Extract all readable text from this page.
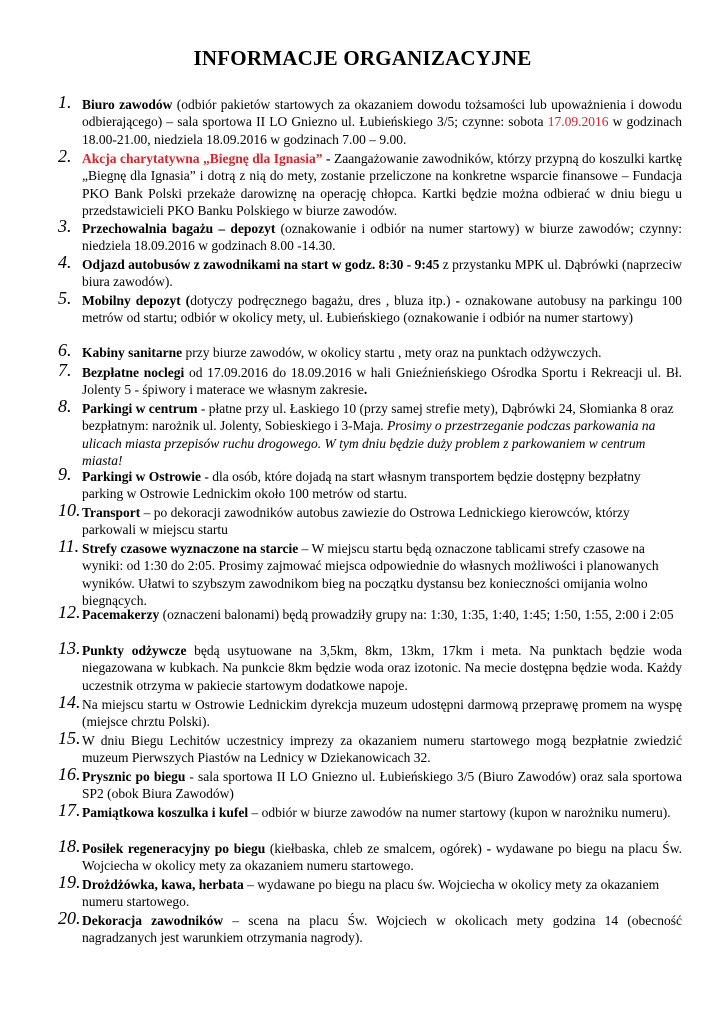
INFORMACJE ORGANIZACYJNE
1. Biuro zawodów (odbiór pakietów startowych za okazaniem dowodu tożsamości lub upoważnienia i dowodu odbierającego) – sala sportowa II LO Gniezno ul. Łubieńskiego 3/5; czynne: sobota 17.09.2016 w godzinach 18.00-21.00, niedziela 18.09.2016 w godzinach 7.00 – 9.00.
2. Akcja charytatywna „Biegnę dla Ignasia” - Zaangażowanie zawodników, którzy przypną do koszulki kartkę „Biegnę dla Ignasia” i dotrą z nią do mety, zostanie przeliczone na konkretne wsparcie finansowe – Fundacja PKO Bank Polski przekaże darowiznę na operację chłopca. Kartki będzie można odbierać w dniu biegu u przedstawicieli PKO Banku Polskiego w biurze zawodów.
3. Przechowalnia bagażu – depozyt (oznakowanie i odbiór na numer startowy) w biurze zawodów; czynny: niedziela 18.09.2016 w godzinach 8.00 -14.30.
4. Odjazd autobusów z zawodnikami na start w godz. 8:30 - 9:45 z przystanku MPK ul. Dąbrówki (naprzeciw biura zawodów).
5. Mobilny depozyt (dotyczy podręcznego bagażu, dres , bluza itp.) - oznakowane autobusy na parkingu 100 metrów od startu; odbiór w okolicy mety, ul. Łubieńskiego (oznakowanie i odbiór na numer startowy)
6. Kabiny sanitarne przy biurze zawodów, w okolicy startu , mety oraz na punktach odżywczych.
7. Bezpłatne noclegi od 17.09.2016 do 18.09.2016 w hali Gnieźnieńskiego Ośrodka Sportu i Rekreacji ul. Bł. Jolenty 5 - śpiwory i materace we własnym zakresie.
8. Parkingi w centrum - płatne przy ul. Łaskiego 10 (przy samej strefie mety), Dąbrówki 24, Słomianka 8 oraz bezpłatnym: narożnik ul. Jolenty, Sobieskiego i 3-Maja. Prosimy o przestrzeganie podczas parkowania na ulicach miasta przepisów ruchu drogowego. W tym dniu będzie duży problem z parkowaniem w centrum miasta!
9. Parkingi w Ostrowie - dla osób, które dojadą na start własnym transportem będzie dostępny bezpłatny parking w Ostrowie Lednickim około 100 metrów od startu.
10. Transport – po dekoracji zawodników autobus zawiezie do Ostrowa Lednickiego kierowców, którzy parkowali w miejscu startu
11. Strefy czasowe wyznaczone na starcie – W miejscu startu będą oznaczone tablicami strefy czasowe na wyniki: od 1:30 do 2:05. Prosimy zajmować miejsca odpowiednie do własnych możliwości i planowanych wyników. Ułatwi to szybszym zawodnikom bieg na początku dystansu bez konieczności omijania wolno biegnących.
12. Pacemakerzy (oznaczeni balonami) będą prowadziły grupy na: 1:30, 1:35, 1:40, 1:45; 1:50, 1:55, 2:00 i 2:05
13. Punkty odżywcze będą usytuowane na 3,5km, 8km, 13km, 17km i meta. Na punktach będzie woda niegazowana w kubkach. Na punkcie 8km będzie woda oraz izotonic. Na mecie dostępna będzie woda. Każdy uczestnik otrzyma w pakiecie startowym dodatkowe napoje.
14. Na miejscu startu w Ostrowie Lednickim dyrekcja muzeum udostępni darmową przeprawę promem na wyspę (miejsce chrztu Polski).
15. W dniu Biegu Lechitów uczestnicy imprezy za okazaniem numeru startowego mogą bezpłatnie zwiedzić muzeum Pierwszych Piastów na Lednicy w Dziekanowicach 32.
16. Prysznic po biegu - sala sportowa II LO Gniezno ul. Łubieńskiego 3/5 (Biuro Zawodów) oraz sala sportowa SP2 (obok Biura Zawodów)
17. Pamiątkowa koszulka i kufel – odbiór w biurze zawodów na numer startowy (kupon w narożniku numeru).
18. Posiłek regeneracyjny po biegu (kiełbaska, chleb ze smalcem, ogórek) - wydawane po biegu na placu Św. Wojciecha w okolicy mety za okazaniem numeru startowego.
19. Drożdżówka, kawa, herbata – wydawane po biegu na placu św. Wojciecha w okolicy mety za okazaniem numeru startowego.
20. Dekoracja zawodników – scena na placu Św. Wojciech w okolicach mety godzina 14 (obecność nagradzanych jest warunkiem otrzymania nagrody).
